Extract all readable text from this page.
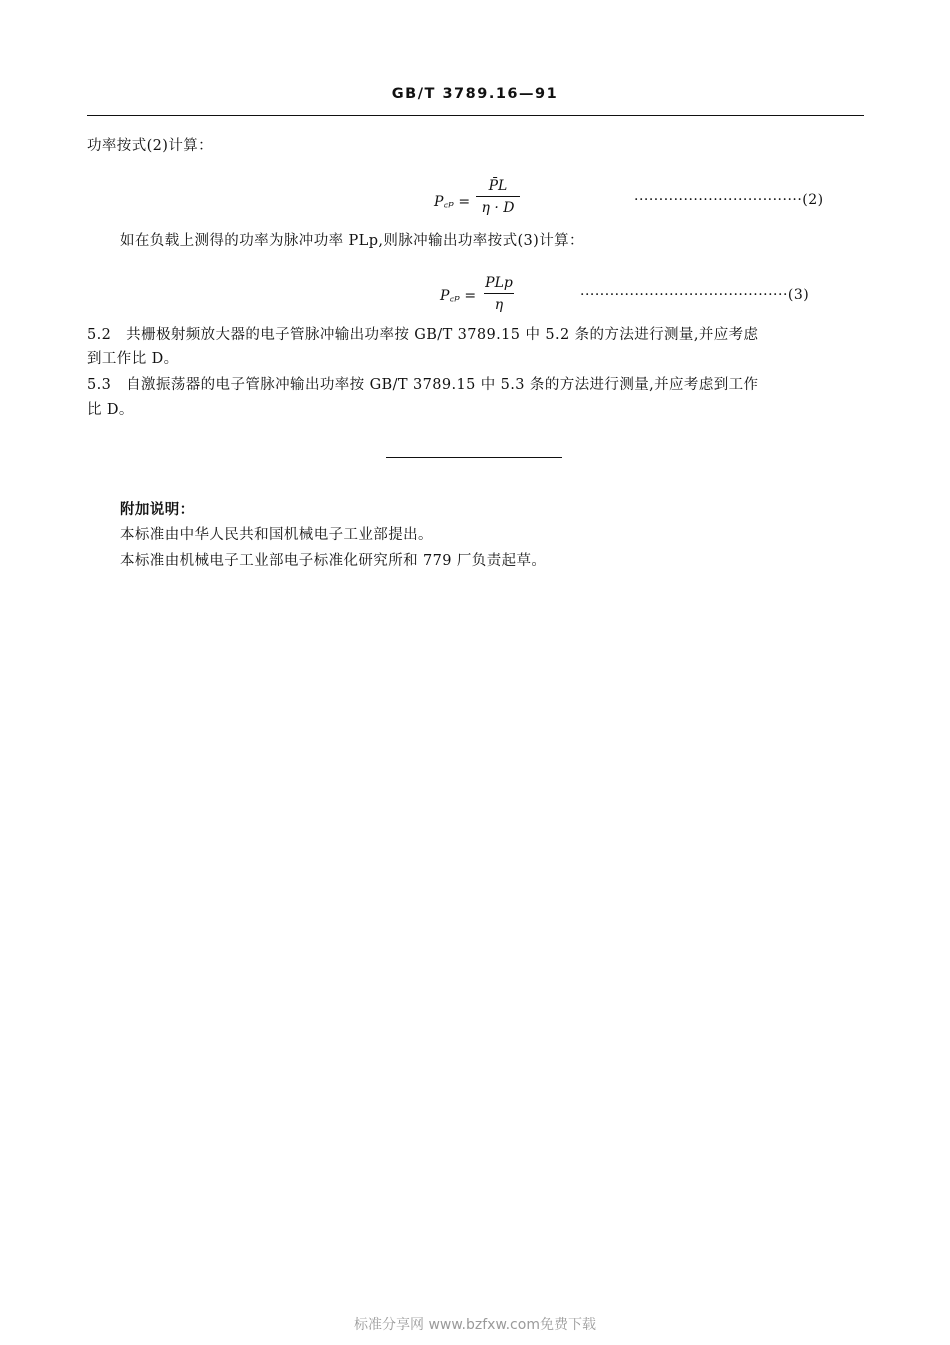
GB/T 3789.16—91
功率按式(2)计算：
P꜀ₚ =
P̄L
η · D	··································(2)
如在负载上测得的功率为脉冲功率 PLp,则脉冲输出功率按式(3)计算：
P꜀ₚ =
PLp
η
··········································(3)
5.2　共栅极射频放大器的电子管脉冲输出功率按 GB/T 3789.15 中 5.2 条的方法进行测量,并应考虑
到工作比 D。
5.3　自激振荡器的电子管脉冲输出功率按 GB/T 3789.15 中 5.3 条的方法进行测量,并应考虑到工作
比 D。
附加说明：
本标准由中华人民共和国机械电子工业部提出。
本标准由机械电子工业部电子标准化研究所和 779 厂负责起草。
标准分享网 www.bzfxw.com免费下载
